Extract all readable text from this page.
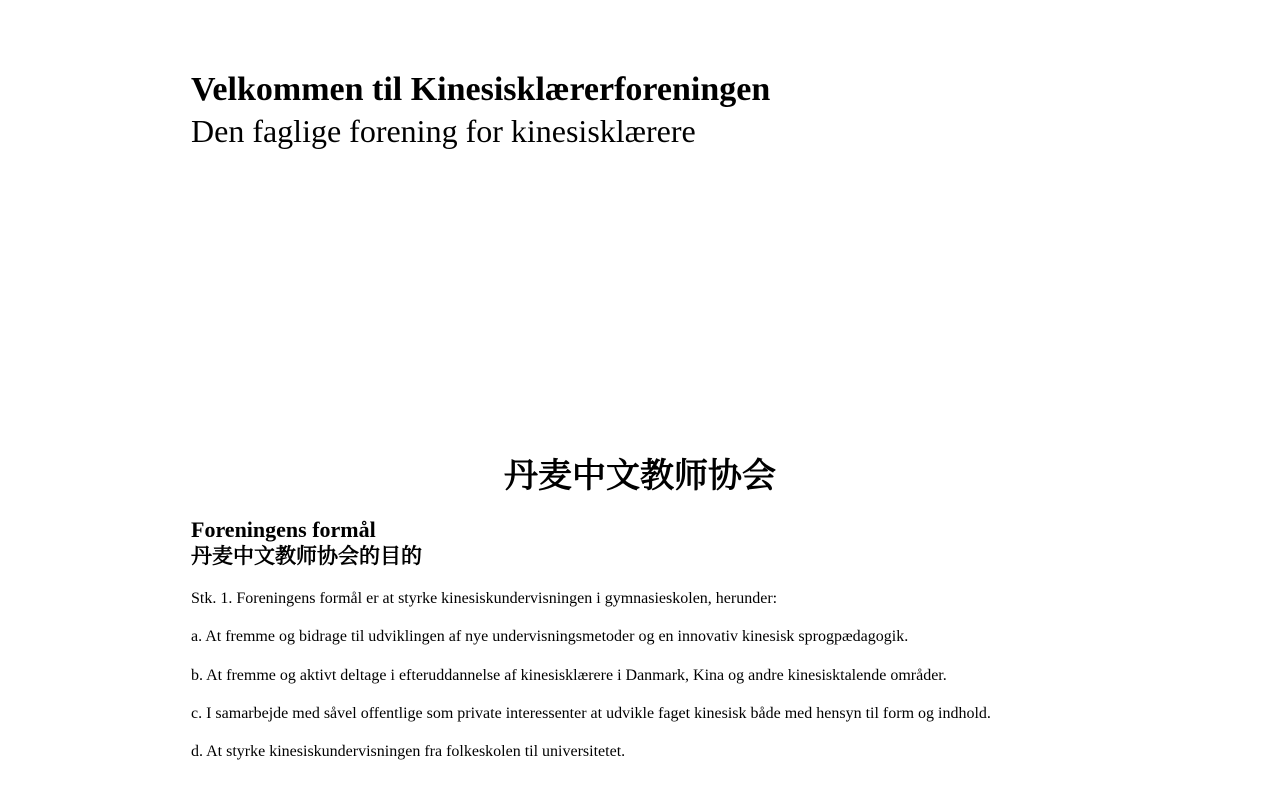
Velkommen til Kinesisklærerforeningen
Den faglige forening for kinesisklærere
丹麦中文教师协会
Foreningens formål
丹麦中文教师协会的目的

Stk. 1. Foreningens formål er at styrke kinesiskundervisningen i gymnasieskolen, herunder:

a. At fremme og bidrage til udviklingen af nye undervisningsmetoder og en innovativ kinesisk sprogpædagogik.

b. At fremme og aktivt deltage i efteruddannelse af kinesisklærere i Danmark, Kina og andre kinesisktalende områder.

c. I samarbejde med såvel offentlige som private interessenter at udvikle faget kinesisk både med hensyn til form og indhold.

d. At styrke kinesiskundervisningen fra folkeskolen til universitetet.
